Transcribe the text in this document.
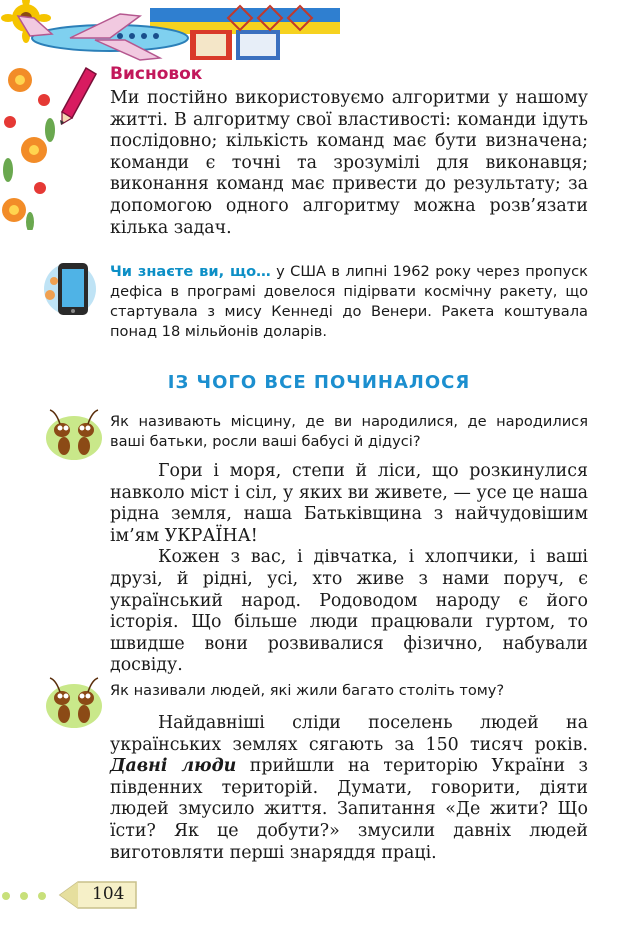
Висновок

Ми постійно використовуємо алгоритми у нашому житті. В алгоритму свої властивості: команди ідуть послідовно; кількість команд має бути визначена; команди є точні та зрозумілі для виконавця; виконання команд має привести до результату; за допомогою одного алгоритму можна розв’язати кілька задач.

Чи знаєте ви, що… у США в липні 1962 року через пропуск дефіса в програмі довелося підірвати космічну ракету, що стартувала з мису Кеннеді до Венери. Ракета коштувала понад 18 мільйонів доларів.
ІЗ ЧОГО ВСЕ ПОЧИНАЛОСЯ
Як називають місцину, де ви народилися, де народилися ваші батьки, росли ваші бабусі й дідусі?

Гори і моря, степи й ліси, що розкинулися навколо міст і сіл, у яких ви живете, — усе це наша рідна земля, наша Батьківщина з найчудовішим ім’ям УКРАЇНА!

Кожен з вас, і дівчатка, і хлопчики, і ваші друзі, й рідні, усі, хто живе з нами поруч, є український народ. Родоводом народу є його історія. Що більше люди працювали гуртом, то швидше вони розвивалися фізично, набували досвіду.

Як називали людей, які жили багато століть тому?

Найдавніші сліди поселень людей на українських землях сягають за 150 тисяч років. Давні люди прийшли на територію України з південних територій. Думати, говорити, діяти людей змусило життя. Запитання «Де жити? Що їсти? Як це добути?» змусили давніх людей виготовляти перші знаряддя праці.

104
